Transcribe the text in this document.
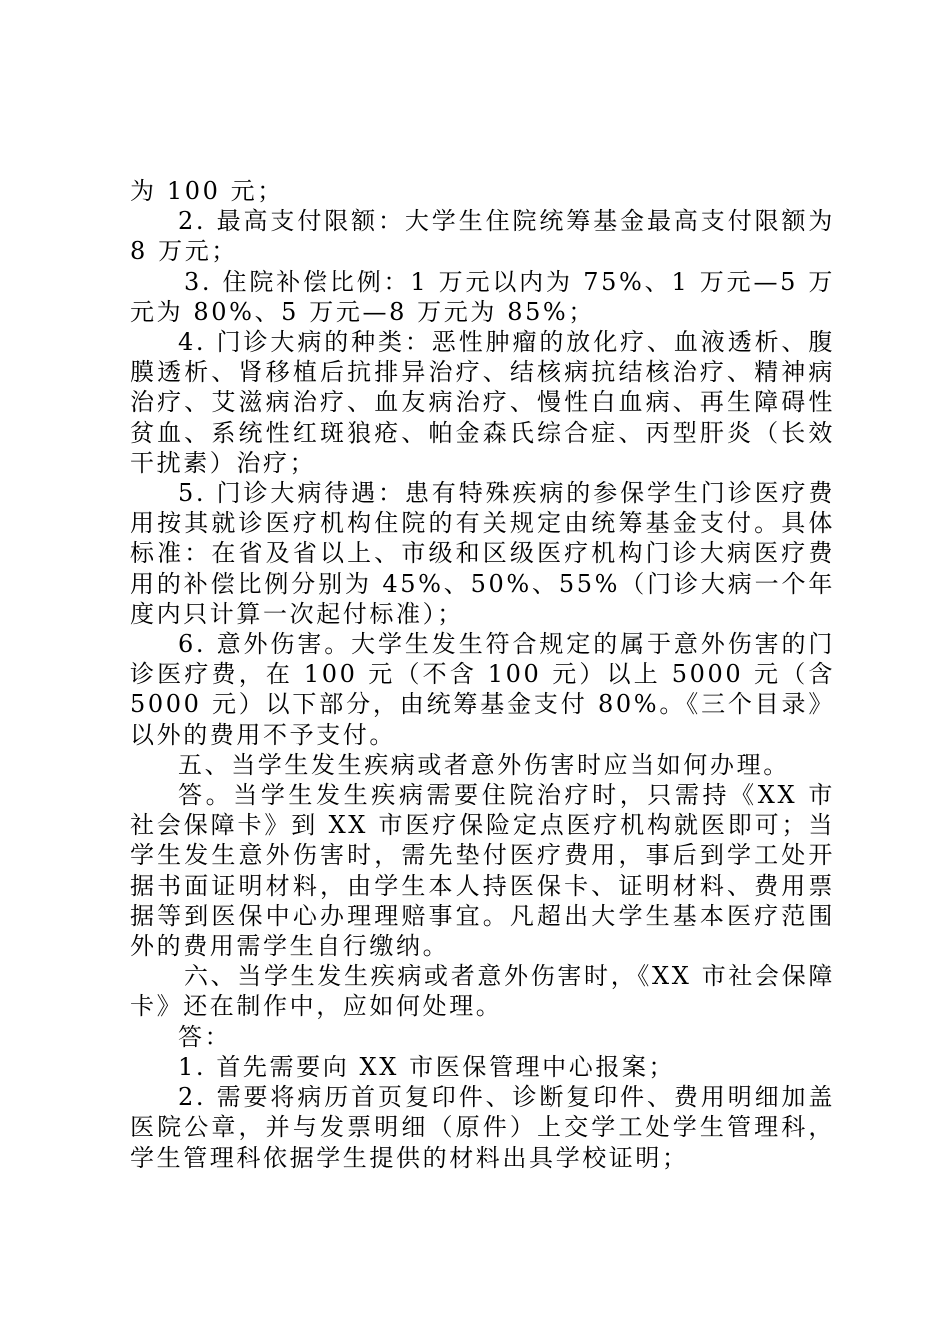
为 100 元；

2. 最高支付限额：大学生住院统筹基金最高支付限额为 8 万元；

3. 住院补偿比例：1 万元以内为 75%、1 万元—5 万元为 80%、5 万元—8 万元为 85%；

4. 门诊大病的种类：恶性肿瘤的放化疗、血液透析、腹膜透析、肾移植后抗排异治疗、结核病抗结核治疗、精神病治疗、艾滋病治疗、血友病治疗、慢性白血病、再生障碍性贫血、系统性红斑狼疮、帕金森氏综合症、丙型肝炎（长效干扰素）治疗；

5. 门诊大病待遇：患有特殊疾病的参保学生门诊医疗费用按其就诊医疗机构住院的有关规定由统筹基金支付。具体标准：在省及省以上、市级和区级医疗机构门诊大病医疗费用的补偿比例分别为 45%、50%、55%（门诊大病一个年度内只计算一次起付标准）；

6. 意外伤害。大学生发生符合规定的属于意外伤害的门诊医疗费，在 100 元（不含 100 元）以上 5000 元（含 5000 元）以下部分，由统筹基金支付 80%。《三个目录》以外的费用不予支付。

五、当学生发生疾病或者意外伤害时应当如何办理。

答。当学生发生疾病需要住院治疗时，只需持《XX 市社会保障卡》到 XX 市医疗保险定点医疗机构就医即可；当学生发生意外伤害时，需先垫付医疗费用，事后到学工处开据书面证明材料，由学生本人持医保卡、证明材料、费用票据等到医保中心办理理赔事宜。凡超出大学生基本医疗范围外的费用需学生自行缴纳。

六、当学生发生疾病或者意外伤害时，《XX 市社会保障卡》还在制作中，应如何处理。

答：

1. 首先需要向 XX 市医保管理中心报案；

2. 需要将病历首页复印件、诊断复印件、费用明细加盖医院公章，并与发票明细（原件）上交学工处学生管理科，学生管理科依据学生提供的材料出具学校证明；
